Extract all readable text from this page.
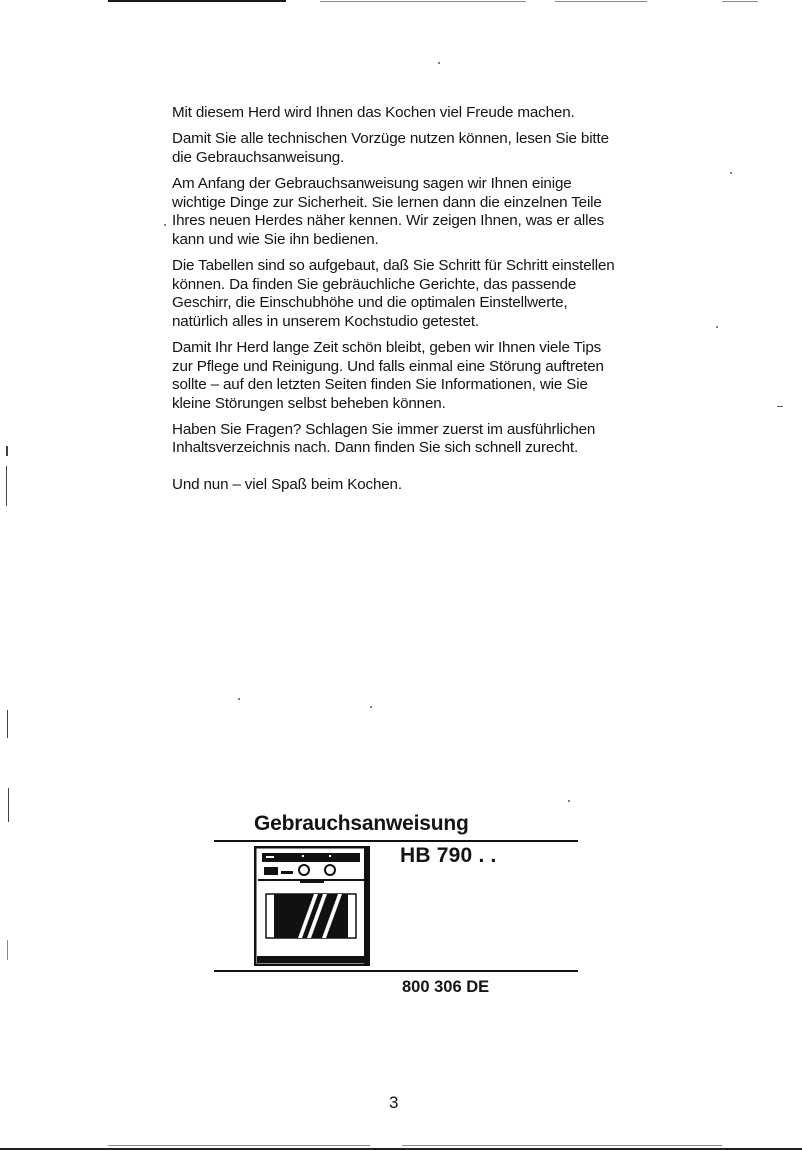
Mit diesem Herd wird Ihnen das Kochen viel Freude machen.

Damit Sie alle technischen Vorzüge nutzen können, lesen Sie bitte die Gebrauchsanweisung.

Am Anfang der Gebrauchsanweisung sagen wir Ihnen einige wichtige Dinge zur Sicherheit. Sie lernen dann die einzelnen Teile Ihres neuen Herdes näher kennen. Wir zeigen Ihnen, was er alles kann und wie Sie ihn bedienen.

Die Tabellen sind so aufgebaut, daß Sie Schritt für Schritt einstellen können. Da finden Sie gebräuchliche Gerichte, das passende Geschirr, die Einschubhöhe und die optimalen Einstellwerte, natürlich alles in unserem Kochstudio getestet.

Damit Ihr Herd lange Zeit schön bleibt, geben wir Ihnen viele Tips zur Pflege und Reinigung. Und falls einmal eine Störung auftreten sollte – auf den letzten Seiten finden Sie Informationen, wie Sie kleine Störungen selbst beheben können.

Haben Sie Fragen? Schlagen Sie immer zuerst im ausführlichen Inhaltsverzeichnis nach. Dann finden Sie sich schnell zurecht.

Und nun – viel Spaß beim Kochen.

Gebrauchsanweisung
HB 790 . .
800 306 DE
3
